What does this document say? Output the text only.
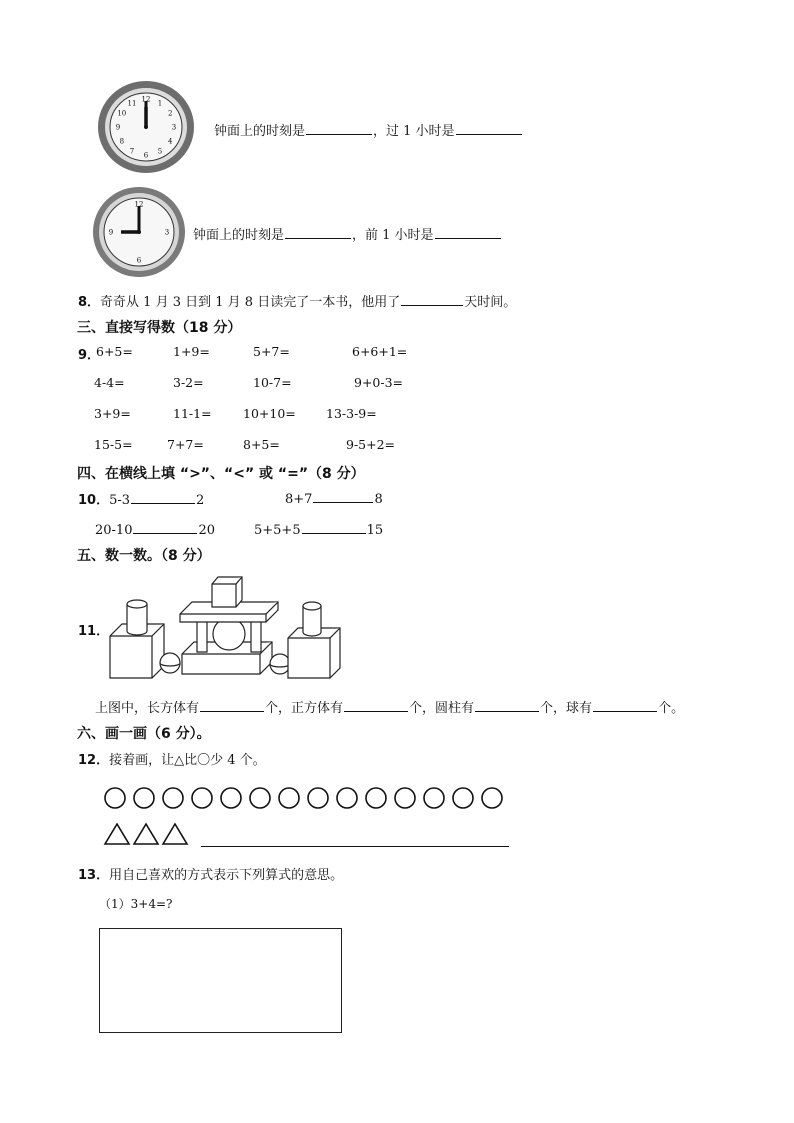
12 1
2
3
4
5
6
7
8
9
10
11
钟面上的时刻是	，过 1 小时是
12
3
6
9	钟面上的时刻是	，前 1 小时是
8．奇奇从 1 月 3 日到 1 月 8 日读完了一本书，他用了	天时间。
三、直接写得数（18 分）
9．
6+5=	1+9=	5+7=	6+6+1=
4-4=	3-2=	10-7=	9+0-3=
3+9=	11-1=	10+10= 13-3-9=
15-5=	7+7=	8+5=	9-5+2=
四、在横线上填 “>”、“<” 或 “=”（8 分）
10．5-3	2	8+7	8
20-10	20	5+5+5	15
五、数一数。（8 分）
11．
上图中，长方体有	个，正方体有	个，圆柱有	个，球有	个。
六、画一画（6 分）。
12．接着画，让△比〇少 4 个。
13．用自己喜欢的方式表示下列算式的意思。
（1）3+4=?
